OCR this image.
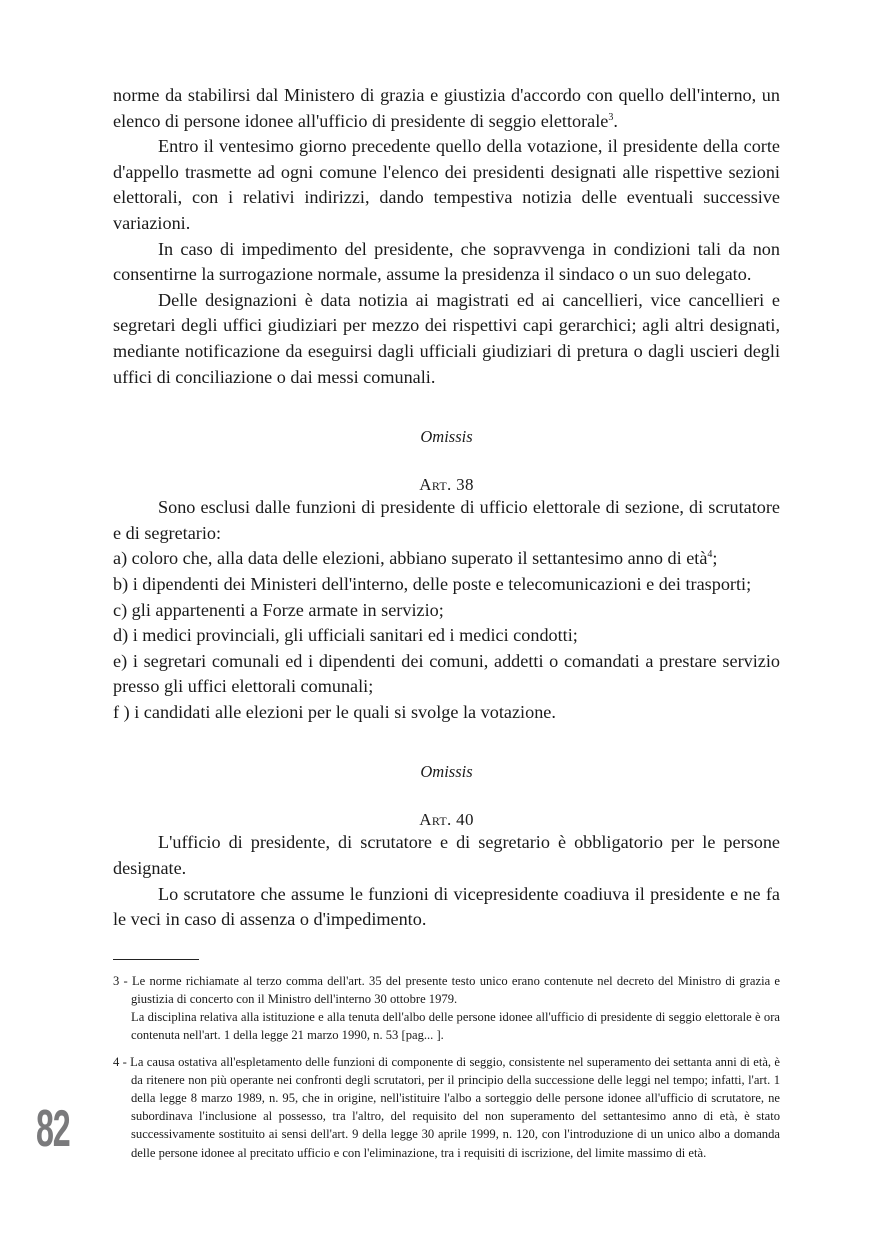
norme da stabilirsi dal Ministero di grazia e giustizia d'accordo con quello dell'interno, un elenco di persone idonee all'ufficio di presidente di seggio elettorale$^3$.

Entro il ventesimo giorno precedente quello della votazione, il presidente della corte d'appello trasmette ad ogni comune l'elenco dei presidenti designati alle rispettive sezioni elettorali, con i relativi indirizzi, dando tempestiva notizia delle eventuali successive variazioni.

In caso di impedimento del presidente, che sopravvenga in condizioni tali da non consentirne la surrogazione normale, assume la presidenza il sindaco o un suo delegato.

Delle designazioni è data notizia ai magistrati ed ai cancellieri, vice cancellieri e segretari degli uffici giudiziari per mezzo dei rispettivi capi gerarchici; agli altri designati, mediante notificazione da eseguirsi dagli ufficiali giudiziari di pretura o dagli uscieri degli uffici di conciliazione o dai messi comunali.

Omissis

Art. 38

Sono esclusi dalle funzioni di presidente di ufficio elettorale di sezione, di scrutatore e di segretario:

a) coloro che, alla data delle elezioni, abbiano superato il settantesimo anno di età$^4$;

b) i dipendenti dei Ministeri dell'interno, delle poste e telecomunicazioni e dei trasporti;

c) gli appartenenti a Forze armate in servizio;

d) i medici provinciali, gli ufficiali sanitari ed i medici condotti;

e) i segretari comunali ed i dipendenti dei comuni, addetti o comandati a prestare servizio presso gli uffici elettorali comunali;

f ) i candidati alle elezioni per le quali si svolge la votazione.

Omissis

Art. 40

L'ufficio di presidente, di scrutatore e di segretario è obbligatorio per le persone designate.

Lo scrutatore che assume le funzioni di vicepresidente coadiuva il presidente e ne fa le veci in caso di assenza o d'impedimento.

3 - Le norme richiamate al terzo comma dell'art. 35 del presente testo unico erano contenute nel decreto del Ministro di grazia e giustizia di concerto con il Ministro dell'interno 30 ottobre 1979.

La disciplina relativa alla istituzione e alla tenuta dell'albo delle persone idonee all'ufficio di presidente di seggio elettorale è ora contenuta nell'art. 1 della legge 21 marzo 1990, n. 53 [pag... ].

4 - La causa ostativa all'espletamento delle funzioni di componente di seggio, consistente nel superamento dei settanta anni di età, è da ritenere non più operante nei confronti degli scrutatori, per il principio della successione delle leggi nel tempo; infatti, l'art. 1 della legge 8 marzo 1989, n. 95, che in origine, nell'istituire l'albo a sorteggio delle persone idonee all'ufficio di scrutatore, ne subordinava l'inclusione al possesso, tra l'altro, del requisito del non superamento del settantesimo anno di età, è stato successivamente sostituito ai sensi dell'art. 9 della legge 30 aprile 1999, n. 120, con l'introduzione di un unico albo a domanda delle persone idonee al precitato ufficio e con l'eliminazione, tra i requisiti di iscrizione, del limite massimo di età.

82
